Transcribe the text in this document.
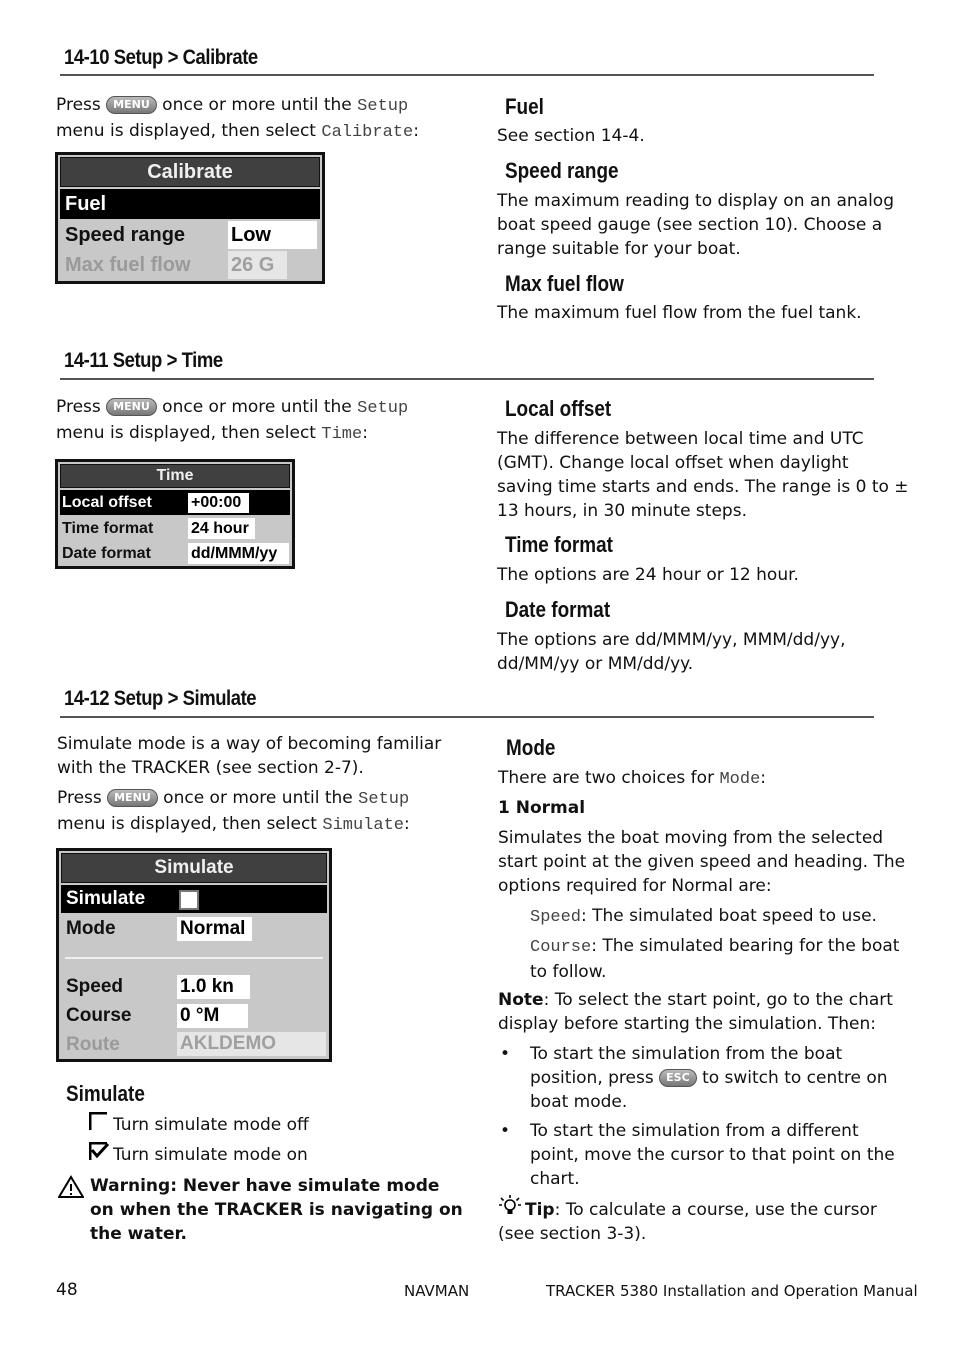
14-10 Setup > Calibrate
Press MENU once or more until the Setup
menu is displayed, then select Calibrate:
Calibrate
Fuel
Speed range Low
Max fuel flow 26 G
Fuel
See section 14-4.
Speed range
The maximum reading to display on an analog
boat speed gauge (see section 10). Choose a
range suitable for your boat.
Max fuel flow
The maximum fuel flow from the fuel tank.
14-11 Setup > Time
Press MENU once or more until the Setup
menu is displayed, then select Time:
Time
Local offset +00:00
Time format 24 hour
Date format	dd/MMM/yy
Local offset
The difference between local time and UTC
(GMT). Change local offset when daylight
saving time starts and ends. The range is 0 to ±
13 hours, in 30 minute steps.
Time format
The options are 24 hour or 12 hour.
Date format
The options are dd/MMM/yy, MMM/dd/yy,
dd/MM/yy or MM/dd/yy.
14-12 Setup > Simulate
Simulate mode is a way of becoming familiar
with the TRACKER (see section 2-7).
Press MENU once or more until the Setup
menu is displayed, then select Simulate:
Simulate
Simulate
Mode	Normal
Speed	1.0 kn
Course	0 °M
Route	AKLDEMO
Simulate
Turn simulate mode off
Turn simulate mode on
Warning: Never have simulate mode
on when the TRACKER is navigating on
the water.
Mode
There are two choices for Mode:
1 Normal
Simulates the boat moving from the selected
start point at the given speed and heading. The
options required for Normal are:
Speed: The simulated boat speed to use.
Course: The simulated bearing for the boat
to follow.
Note: To select the start point, go to the chart
display before starting the simulation. Then:
• To start the simulation from the boat
position, press ESC to switch to centre on
boat mode.
• To start the simulation from a different
point, move the cursor to that point on the
chart.
Tip: To calculate a course, use the cursor
(see section 3-3).
48	NAVMAN	TRACKER 5380 Installation and Operation Manual
